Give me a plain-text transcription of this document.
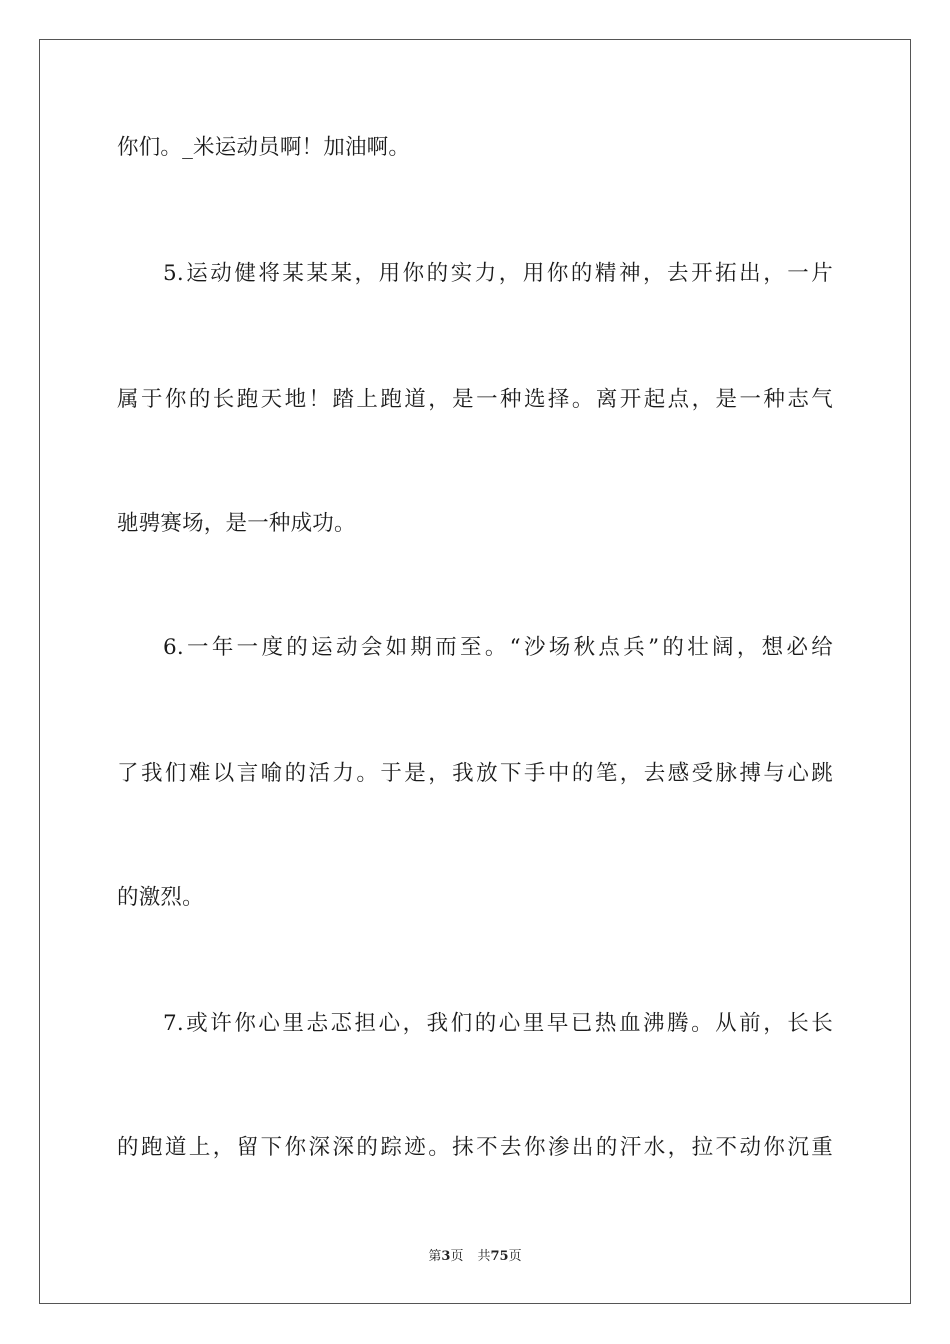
你们。_米运动员啊！加油啊。
5.运动健将某某某，用你的实力，用你的精神，去开拓出，一片
属于你的长跑天地！踏上跑道，是一种选择。离开起点，是一种志气
驰骋赛场，是一种成功。
6.一年一度的运动会如期而至。“沙场秋点兵”的壮阔，想必给
了我们难以言喻的活力。于是，我放下手中的笔，去感受脉搏与心跳
的激烈。
7.或许你心里忐忑担心，我们的心里早已热血沸腾。从前，长长
的跑道上，留下你深深的踪迹。抹不去你渗出的汗水，拉不动你沉重
第3页 共75页
